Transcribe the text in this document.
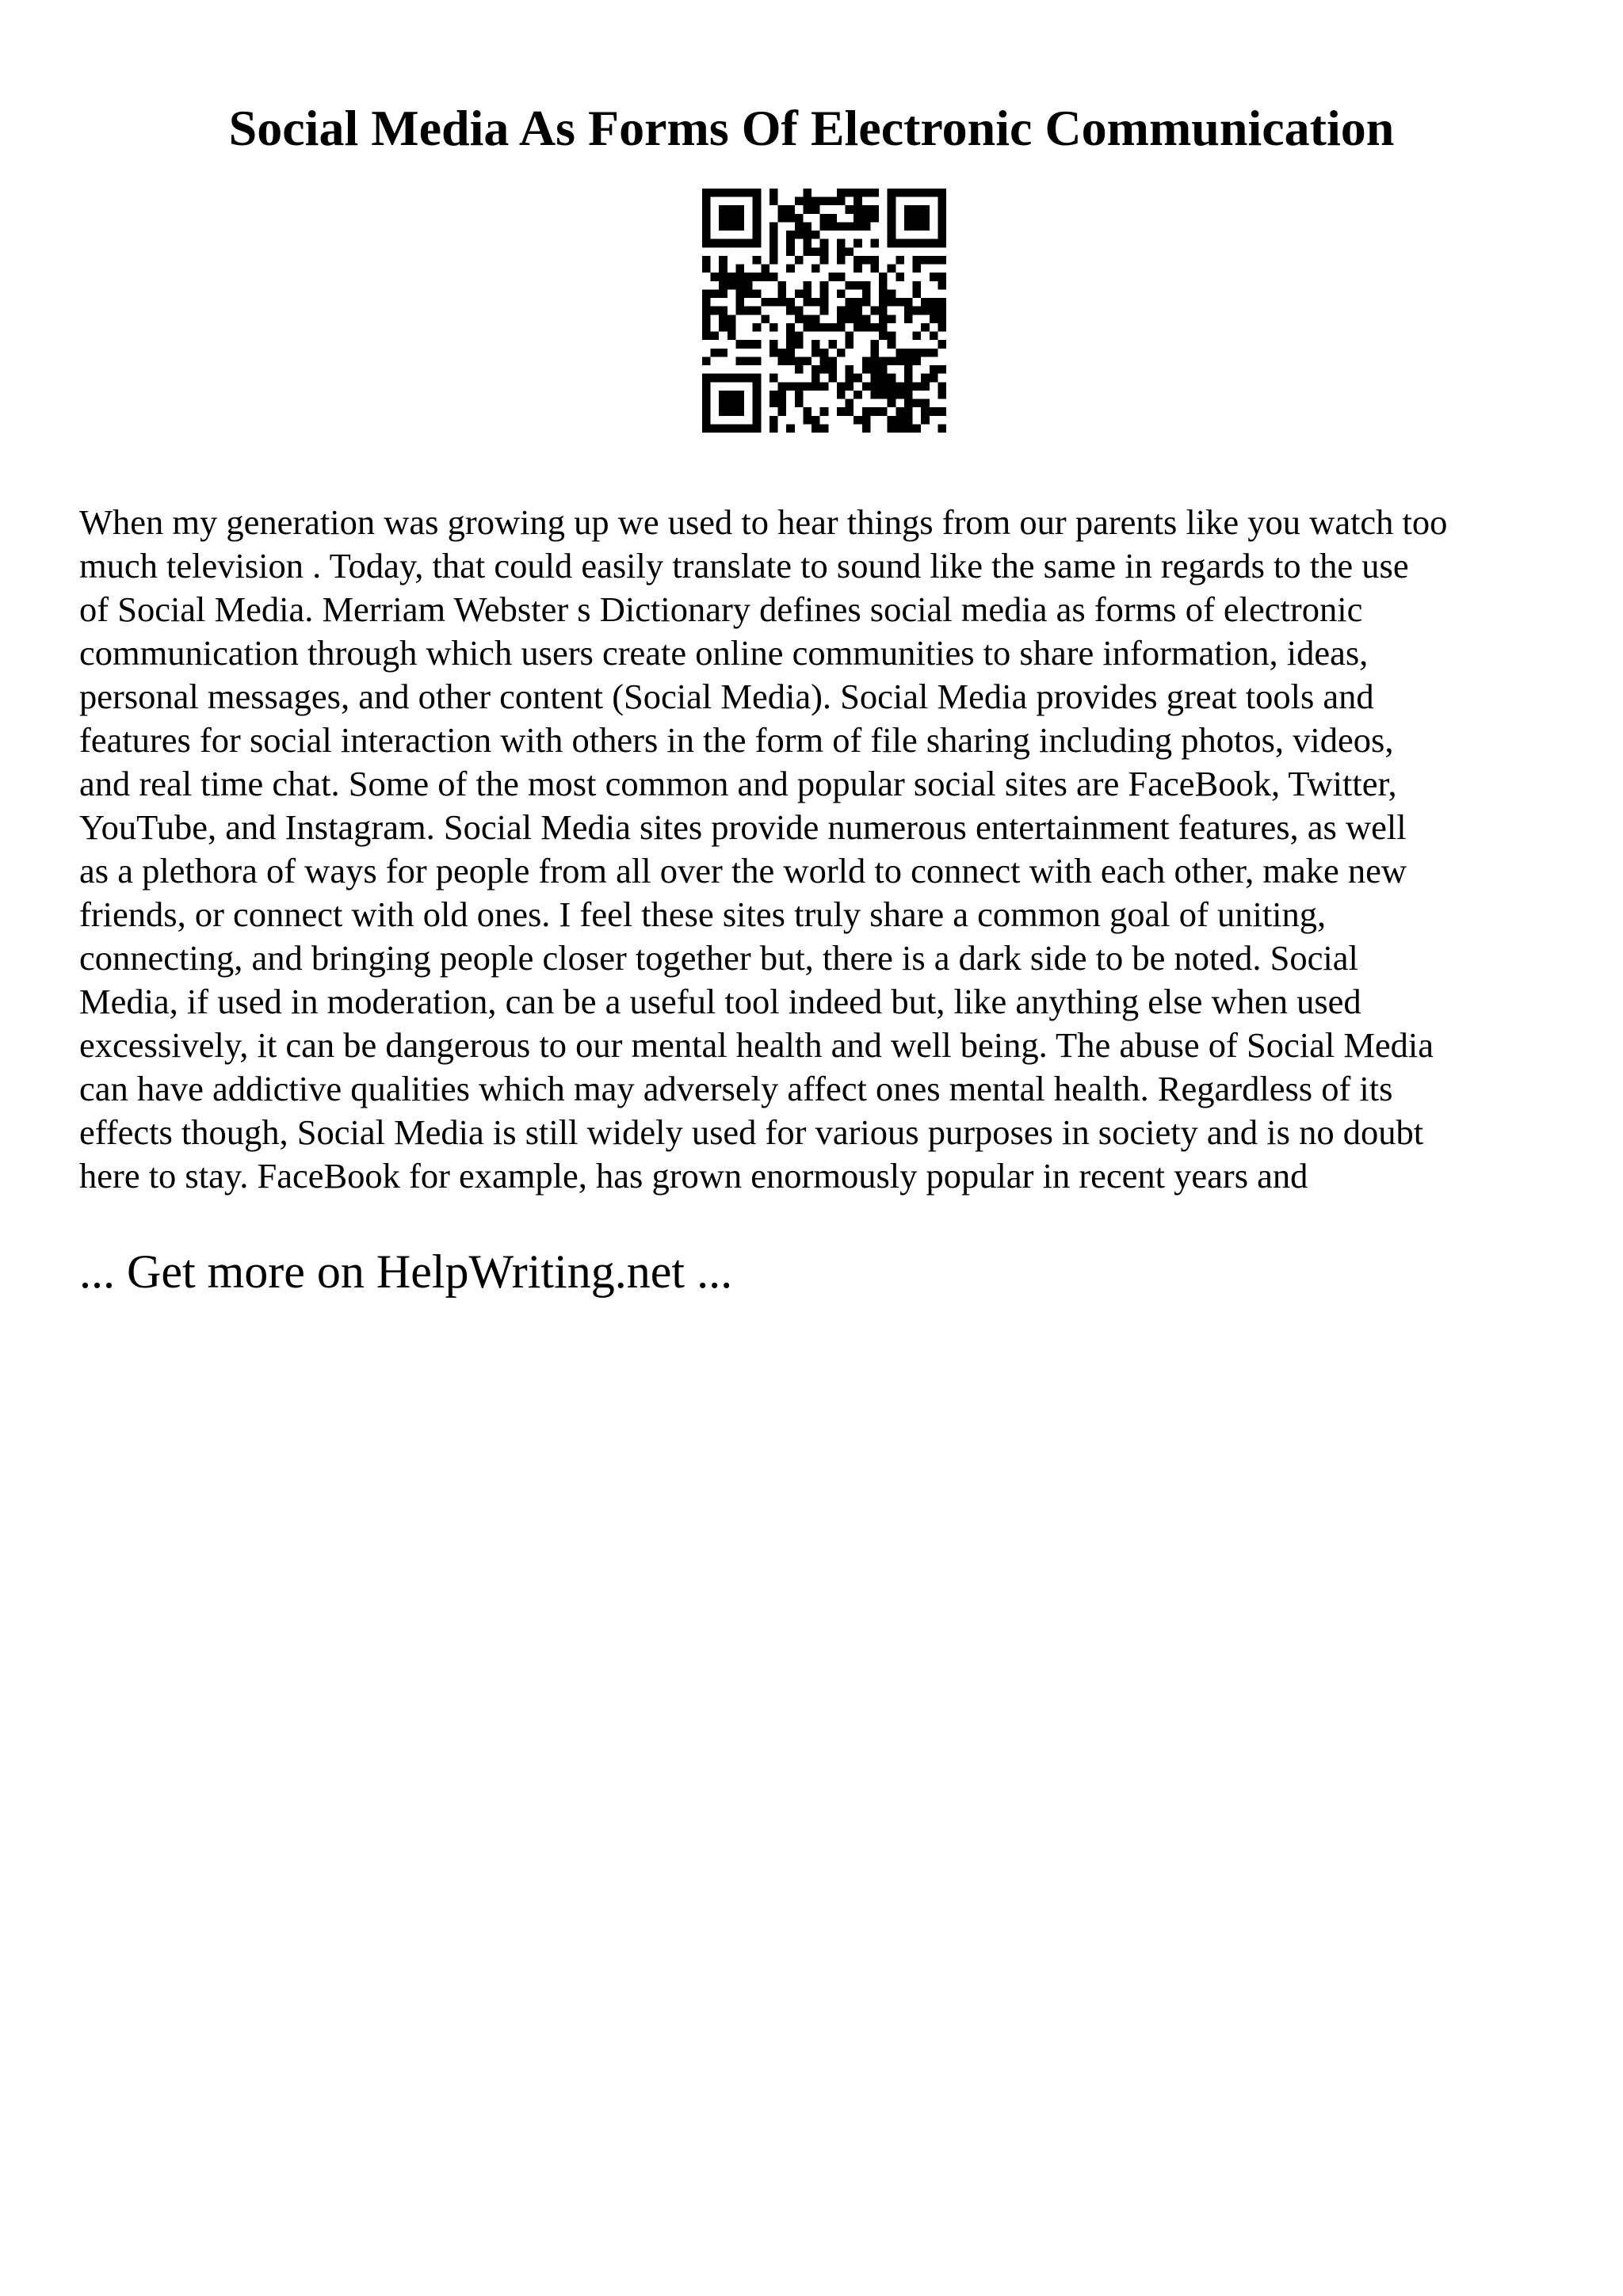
Social Media As Forms Of Electronic Communication
When my generation was growing up we used to hear things from our parents like you watch too
much television . Today, that could easily translate to sound like the same in regards to the use
of Social Media. Merriam Webster s Dictionary defines social media as forms of electronic
communication through which users create online communities to share information, ideas,
personal messages, and other content (Social Media). Social Media provides great tools and
features for social interaction with others in the form of file sharing including photos, videos,
and real time chat. Some of the most common and popular social sites are FaceBook, Twitter,
YouTube, and Instagram. Social Media sites provide numerous entertainment features, as well
as a plethora of ways for people from all over the world to connect with each other, make new
friends, or connect with old ones. I feel these sites truly share a common goal of uniting,
connecting, and bringing people closer together but, there is a dark side to be noted. Social
Media, if used in moderation, can be a useful tool indeed but, like anything else when used
excessively, it can be dangerous to our mental health and well being. The abuse of Social Media
can have addictive qualities which may adversely affect ones mental health. Regardless of its
effects though, Social Media is still widely used for various purposes in society and is no doubt
here to stay. FaceBook for example, has grown enormously popular in recent years and
... Get more on HelpWriting.net ...
